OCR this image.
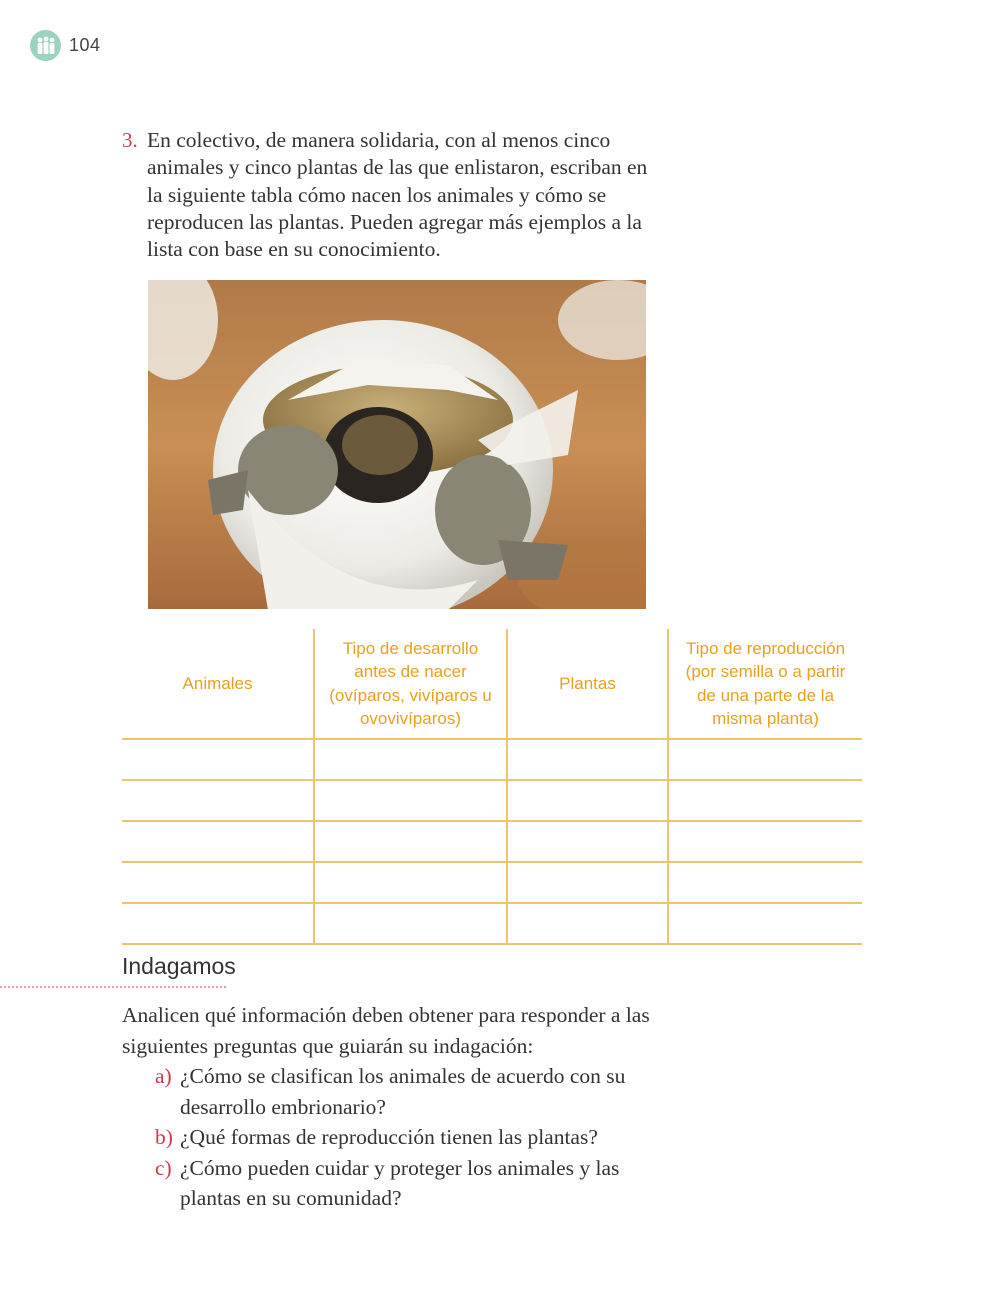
104
3. En colectivo, de manera solidaria, con al menos cinco animales y cinco plantas de las que enlistaron, escriban en la siguiente tabla cómo nacen los animales y cómo se reproducen las plantas. Pueden agregar más ejemplos a la lista con base en su conocimiento.
Animales	Tipo de desarrollo antes de nacer (ovíparos, vivíparos u ovovivíparos)	Plantas	Tipo de reproducción (por semilla o a partir de una parte de la misma planta)

Indagamos
Analicen qué información deben obtener para responder a las siguientes preguntas que guiarán su indagación:
a) ¿Cómo se clasifican los animales de acuerdo con su desarrollo embrionario?
b) ¿Qué formas de reproducción tienen las plantas?
c) ¿Cómo pueden cuidar y proteger los animales y las plantas en su comunidad?
